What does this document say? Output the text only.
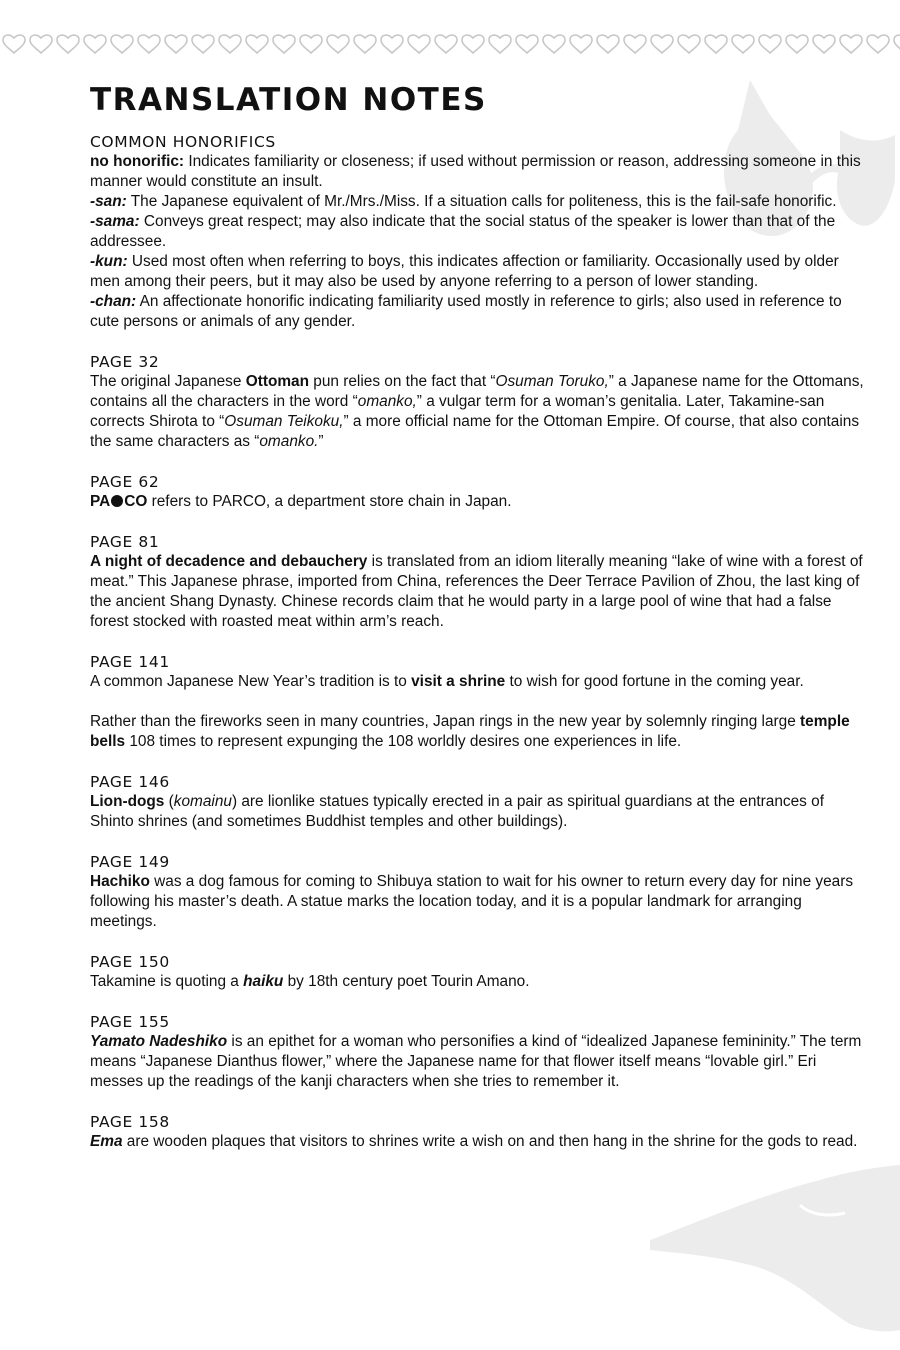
TRANSLATION NOTES
COMMON HONORIFICS
no honorific: Indicates familiarity or closeness; if used without permission or reason, addressing someone in this manner would constitute an insult.
-san: The Japanese equivalent of Mr./Mrs./Miss. If a situation calls for politeness, this is the fail-safe honorific.
-sama: Conveys great respect; may also indicate that the social status of the speaker is lower than that of the addressee.
-kun: Used most often when referring to boys, this indicates affection or familiarity. Occasionally used by older men among their peers, but it may also be used by anyone referring to a person of lower standing.
-chan: An affectionate honorific indicating familiarity used mostly in reference to girls; also used in reference to cute persons or animals of any gender.
PAGE 32

The original Japanese Ottoman pun relies on the fact that “Osuman Toruko,” a Japanese name for the Ottomans, contains all the characters in the word “omanko,” a vulgar term for a woman’s genitalia. Later, Takamine-san corrects Shirota to “Osuman Teikoku,” a more official name for the Ottoman Empire. Of course, that also contains the same characters as “omanko.”

PAGE 62

PA CO refers to PARCO, a department store chain in Japan.

PAGE 81

A night of decadence and debauchery is translated from an idiom literally meaning “lake of wine with a forest of meat.” This Japanese phrase, imported from China, references the Deer Terrace Pavilion of Zhou, the last king of the ancient Shang Dynasty. Chinese records claim that he would party in a large pool of wine that had a false forest stocked with roasted meat within arm’s reach.

PAGE 141

A common Japanese New Year’s tradition is to visit a shrine to wish for good fortune in the coming year.

Rather than the fireworks seen in many countries, Japan rings in the new year by solemnly ringing large temple bells 108 times to represent expunging the 108 worldly desires one experiences in life.

PAGE 146

Lion-dogs (komainu) are lionlike statues typically erected in a pair as spiritual guardians at the entrances of Shinto shrines (and sometimes Buddhist temples and other buildings).

PAGE 149

Hachiko was a dog famous for coming to Shibuya station to wait for his owner to return every day for nine years following his master’s death. A statue marks the location today, and it is a popular landmark for arranging meetings.

PAGE 150

Takamine is quoting a haiku by 18th century poet Tourin Amano.

PAGE 155

Yamato Nadeshiko is an epithet for a woman who personifies a kind of “idealized Japanese femininity.” The term means “Japanese Dianthus flower,” where the Japanese name for that flower itself means “lovable girl.” Eri messes up the readings of the kanji characters when she tries to remember it.

PAGE 158

Ema are wooden plaques that visitors to shrines write a wish on and then hang in the shrine for the gods to read.
